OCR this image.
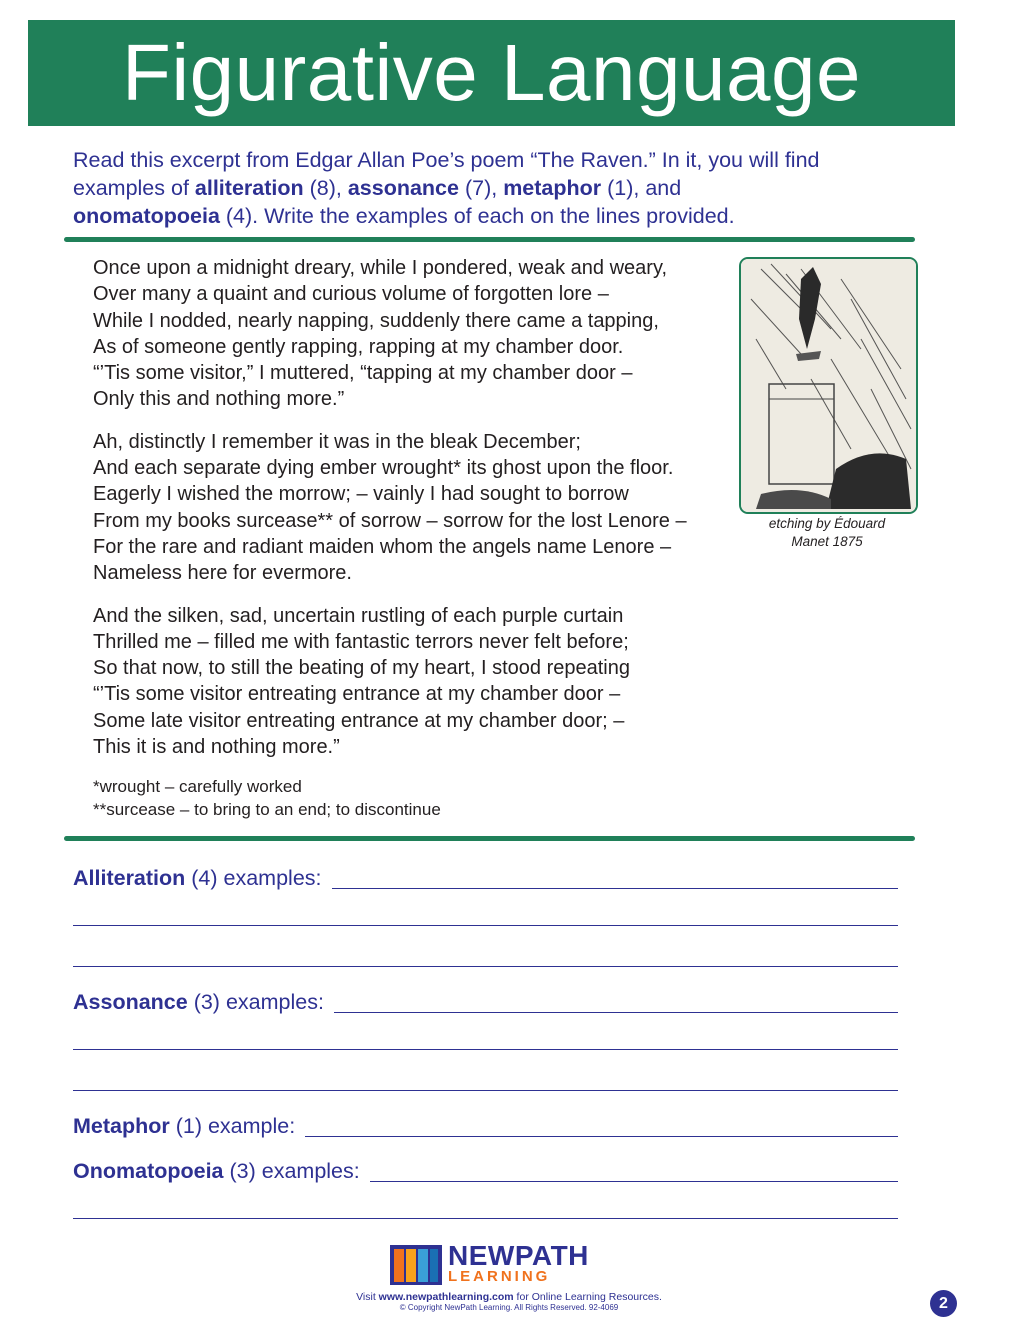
Figurative Language
Read this excerpt from Edgar Allan Poe’s poem “The Raven.” In it, you will find
examples of alliteration (8), assonance (7), metaphor (1), and
onomatopoeia (4). Write the examples of each on the lines provided.
Once upon a midnight dreary, while I pondered, weak and weary,
Over many a quaint and curious volume of forgotten lore –
While I nodded, nearly napping, suddenly there came a tapping,
As of someone gently rapping, rapping at my chamber door.
“’Tis some visitor,” I muttered, “tapping at my chamber door –
Only this and nothing more.”
Ah, distinctly I remember it was in the bleak December;
And each separate dying ember wrought* its ghost upon the floor.
Eagerly I wished the morrow; – vainly I had sought to borrow
From my books surcease** of sorrow – sorrow for the lost Lenore –
For the rare and radiant maiden whom the angels name Lenore –
Nameless here for evermore.
And the silken, sad, uncertain rustling of each purple curtain
Thrilled me – filled me with fantastic terrors never felt before;
So that now, to still the beating of my heart, I stood repeating
“’Tis some visitor entreating entrance at my chamber door –
Some late visitor entreating entrance at my chamber door; –
This it is and nothing more.”
*wrought – carefully worked
**surcease – to bring to an end; to discontinue
etching by Édouard
Manet 1875
Alliteration (4) examples:
Assonance (3) examples:
Metaphor (1) example:
Onomatopoeia (3) examples:
NEWPATH
LEARNING
Visit www.newpathlearning.com for Online Learning Resources.
© Copyright NewPath Learning. All Rights Reserved. 92-4069	2
